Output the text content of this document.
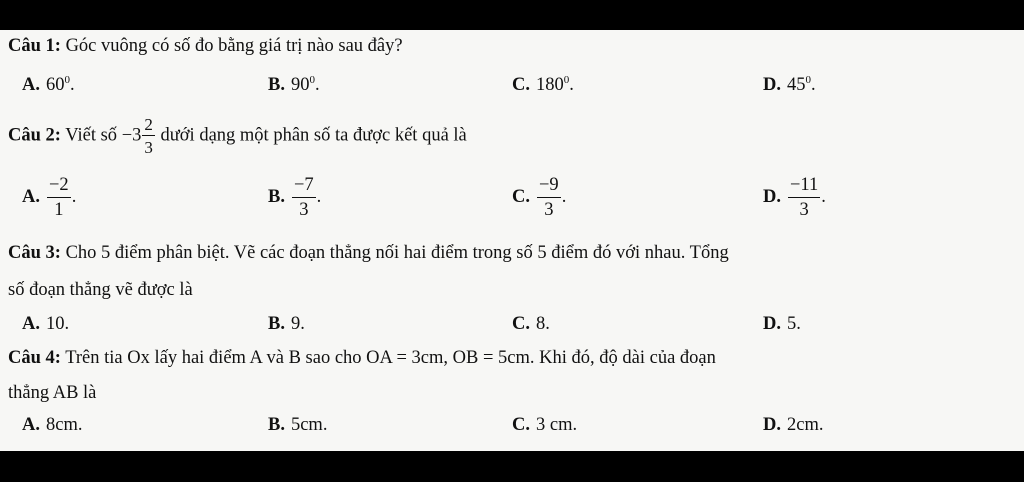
Câu 1: Góc vuông có số đo bằng giá trị nào sau đây?
A. $60^0$.	B. $90^0$.	C. $180^0$.	D. $45^0$.
Câu 2: Viết số $-3 \frac{2}{3}$ dưới dạng một phân số ta được kết quả là
A. $\frac{-2}{1}$ .	B. $\frac{-7}{3}$ .	C. $\frac{-9}{3}$ .	D. $\frac{-11}{3}$ .
Câu 3: Cho 5 điểm phân biệt. Vẽ các đoạn thẳng nối hai điểm trong số 5 điểm đó với nhau. Tổng
số đoạn thẳng vẽ được là
A. 10.	B. 9.	C. 8.	D. 5.
Câu 4: Trên tia Ox lấy hai điểm A và B sao cho OA = 3cm, OB = 5cm. Khi đó, độ dài của đoạn
thẳng AB là
A. 8cm.	B. 5cm.	C. 3 cm.	D. 2cm.
